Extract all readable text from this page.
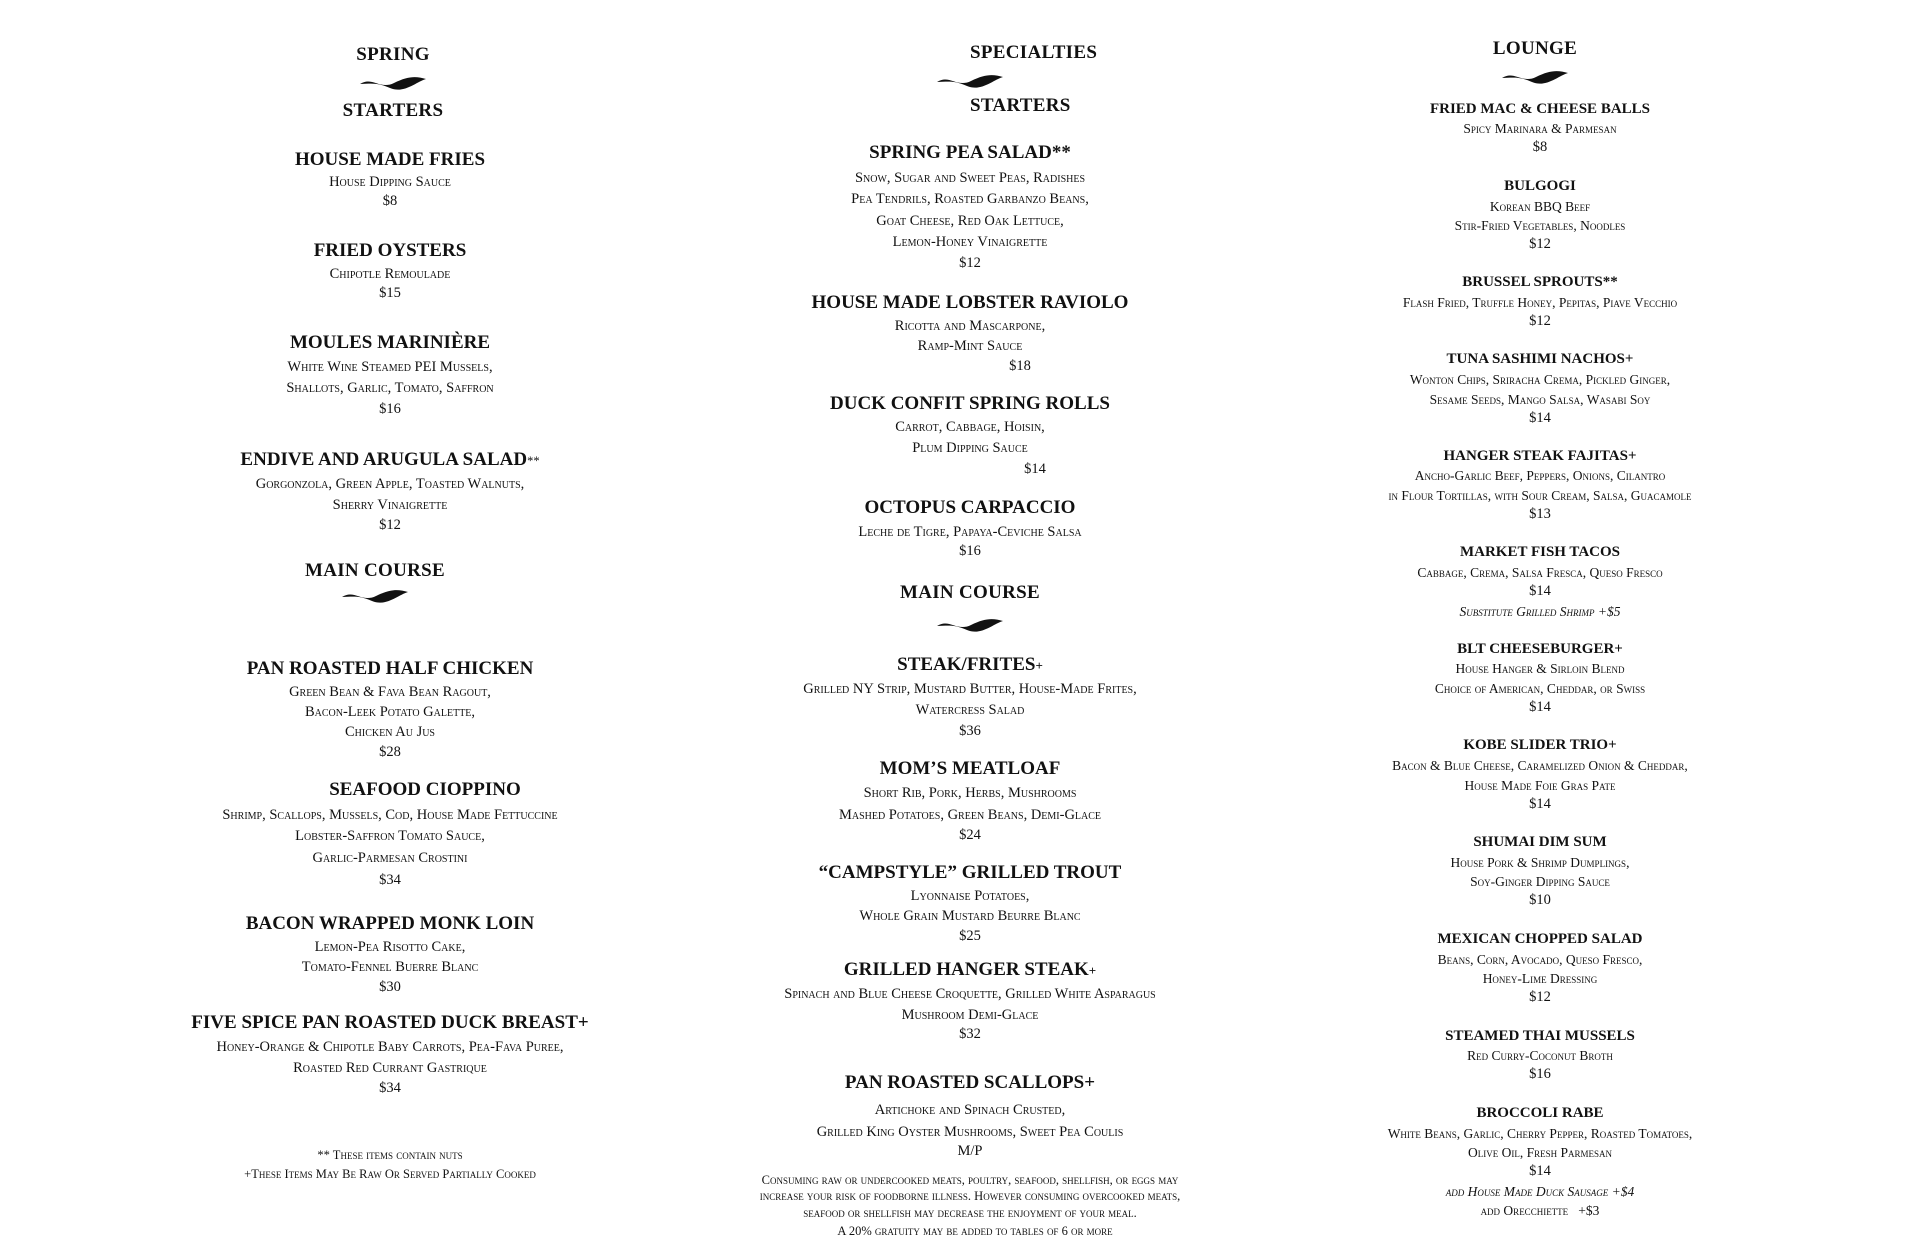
SPRING
STARTERS
HOUSE MADE FRIES
House Dipping Sauce
$8
FRIED OYSTERS
Chipotle Remoulade
$15
MOULES MARINIÈRE
White Wine Steamed PEI Mussels,
Shallots, Garlic, Tomato, Saffron
$16
ENDIVE AND ARUGULA SALAD**
Gorgonzola, Green Apple, Toasted Walnuts,
Sherry Vinaigrette
$12
MAIN COURSE
PAN ROASTED HALF CHICKEN
Green Bean & Fava Bean Ragout,
Bacon-Leek Potato Galette,
Chicken Au Jus
$28
SEAFOOD CIOPPINO
Shrimp, Scallops, Mussels, Cod, House Made Fettuccine
Lobster-Saffron Tomato Sauce,
Garlic-Parmesan Crostini
$34
BACON WRAPPED MONK LOIN
Lemon-Pea Risotto Cake,
Tomato-Fennel Buerre Blanc
$30
FIVE SPICE PAN ROASTED DUCK BREAST+
Honey-Orange & Chipotle Baby Carrots, Pea-Fava Puree,
Roasted Red Currant Gastrique
$34
** These items contain nuts
+These Items May Be Raw Or Served Partially Cooked
SPECIALTIES
STARTERS
SPRING PEA SALAD**
Snow, Sugar and Sweet Peas, Radishes
Pea Tendrils, Roasted Garbanzo Beans,
Goat Cheese, Red Oak Lettuce,
Lemon-Honey Vinaigrette
$12
HOUSE MADE LOBSTER RAVIOLO
Ricotta and Mascarpone,
Ramp-Mint Sauce
$18
DUCK CONFIT SPRING ROLLS
Carrot, Cabbage, Hoisin,
Plum Dipping Sauce
$14
OCTOPUS CARPACCIO
Leche de Tigre, Papaya-Ceviche Salsa
$16
MAIN COURSE
STEAK/FRITES+
Grilled NY Strip, Mustard Butter, House-Made Frites,
Watercress Salad
$36
MOM’S MEATLOAF
Short Rib, Pork, Herbs, Mushrooms
Mashed Potatoes, Green Beans, Demi-Glace
$24
“CAMPSTYLE” GRILLED TROUT
Lyonnaise Potatoes,
Whole Grain Mustard Beurre Blanc
$25
GRILLED HANGER STEAK+
Spinach and Blue Cheese Croquette, Grilled White Asparagus
Mushroom Demi-Glace
$32
PAN ROASTED SCALLOPS+
Artichoke and Spinach Crusted,
Grilled King Oyster Mushrooms, Sweet Pea Coulis
M/P
Consuming raw or undercooked meats, poultry, seafood, shellfish, or eggs may
increase your risk of foodborne illness. However consuming overcooked meats,
seafood or shellfish may decrease the enjoyment of your meal.
A 20% gratuity may be added to tables of 6 or more
LOUNGE
FRIED MAC & CHEESE BALLS
Spicy Marinara & Parmesan
$8
BULGOGI
Korean BBQ Beef
Stir-Fried Vegetables, Noodles
$12
BRUSSEL SPROUTS**
Flash Fried, Truffle Honey, Pepitas, Piave Vecchio
$12
TUNA SASHIMI NACHOS+
Wonton Chips, Sriracha Crema, Pickled Ginger,
Sesame Seeds, Mango Salsa, Wasabi Soy
$14
HANGER STEAK FAJITAS+
Ancho-Garlic Beef, Peppers, Onions, Cilantro
in Flour Tortillas, with Sour Cream, Salsa, Guacamole
$13
MARKET FISH TACOS
Cabbage, Crema, Salsa Fresca, Queso Fresco
$14
Substitute Grilled Shrimp +$5
BLT CHEESEBURGER+
House Hanger & Sirloin Blend
Choice of American, Cheddar, or Swiss
$14
KOBE SLIDER TRIO+
Bacon & Blue Cheese, Caramelized Onion & Cheddar,
House Made Foie Gras Pate
$14
SHUMAI DIM SUM
House Pork & Shrimp Dumplings,
Soy-Ginger Dipping Sauce
$10
MEXICAN CHOPPED SALAD
Beans, Corn, Avocado, Queso Fresco,
Honey-Lime Dressing
$12
STEAMED THAI MUSSELS
Red Curry-Coconut Broth
$16
BROCCOLI RABE
White Beans, Garlic, Cherry Pepper, Roasted Tomatoes,
Olive Oil, Fresh Parmesan
$14
add House Made Duck Sausage +$4
add Orecchiette   +$3
